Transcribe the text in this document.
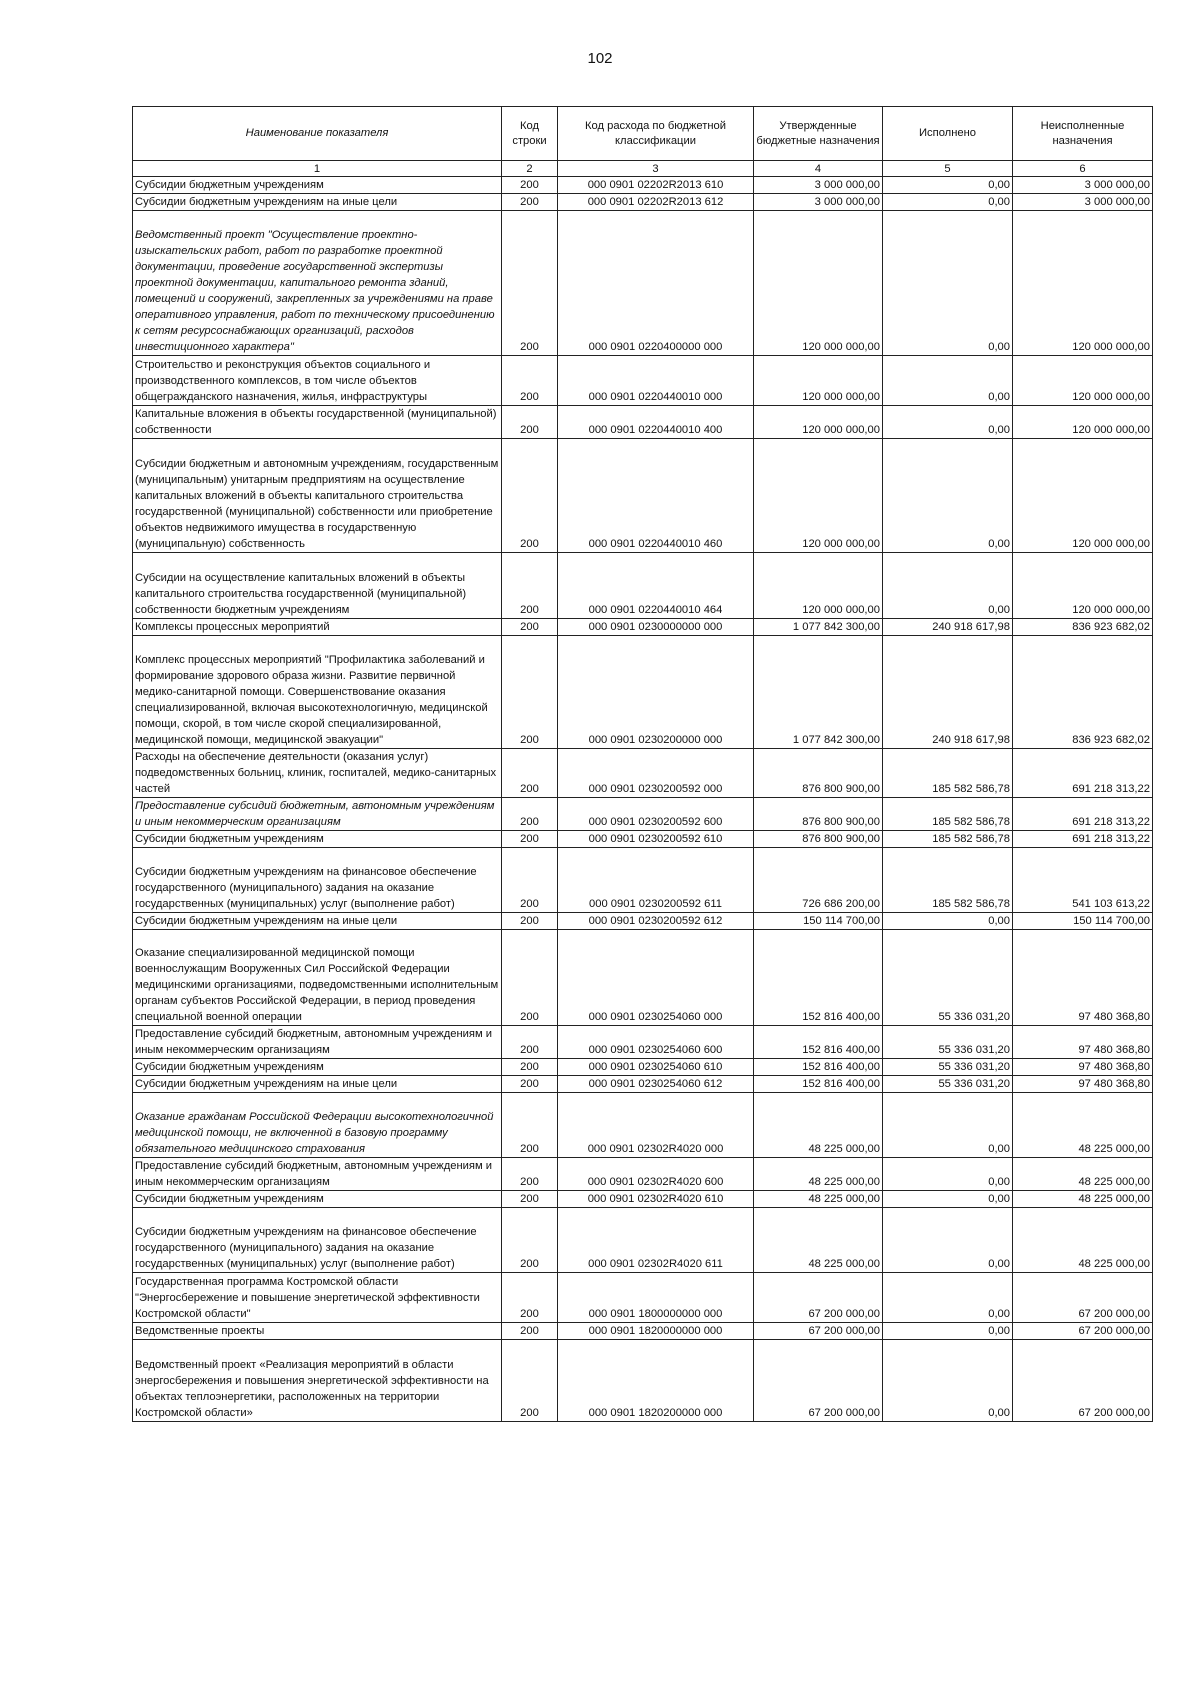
102
Наименование показателя	Код строки	Код расхода по бюджетной классификации	Утвержденные бюджетные назначения	Исполнено	Неисполненные назначения
1	2	3	4	5	6
Субсидии бюджетным учреждениям	200	000 0901 02202R2013 610	3 000 000,00	0,00	3 000 000,00
Субсидии бюджетным учреждениям на иные цели	200	000 0901 02202R2013 612	3 000 000,00	0,00	3 000 000,00
Ведомственный проект "Осуществление проектно-изыскательских работ, работ по разработке проектной документации, проведение государственной экспертизы проектной документации, капитального ремонта зданий, помещений и сооружений, закрепленных за учреждениями на праве оперативного управления, работ по техническому присоединению к сетям ресурсоснабжающих организаций, расходов инвестиционного характера"	200	000 0901 0220400000 000	120 000 000,00	0,00	120 000 000,00
Строительство и реконструкция объектов социального и производственного комплексов, в том числе объектов общегражданского назначения, жилья, инфраструктуры	200	000 0901 0220440010 000	120 000 000,00	0,00	120 000 000,00
Капитальные вложения в объекты государственной (муниципальной) собственности	200	000 0901 0220440010 400	120 000 000,00	0,00	120 000 000,00
Субсидии бюджетным и автономным учреждениям, государственным (муниципальным) унитарным предприятиям на осуществление капитальных вложений в объекты капитального строительства государственной (муниципальной) собственности или приобретение объектов недвижимого имущества в государственную (муниципальную) собственность	200	000 0901 0220440010 460	120 000 000,00	0,00	120 000 000,00
Субсидии на осуществление капитальных вложений в объекты капитального строительства государственной (муниципальной) собственности бюджетным учреждениям	200	000 0901 0220440010 464	120 000 000,00	0,00	120 000 000,00
Комплексы процессных мероприятий	200	000 0901 0230000000 000	1 077 842 300,00	240 918 617,98	836 923 682,02
Комплекс процессных мероприятий "Профилактика заболеваний и формирование здорового образа жизни. Развитие первичной медико-санитарной помощи. Совершенствование оказания специализированной, включая высокотехнологичную, медицинской помощи, скорой, в том числе скорой специализированной, медицинской помощи, медицинской эвакуации"	200	000 0901 0230200000 000	1 077 842 300,00	240 918 617,98	836 923 682,02
Расходы на обеспечение деятельности (оказания услуг) подведомственных больниц, клиник, госпиталей, медико-санитарных частей	200	000 0901 0230200592 000	876 800 900,00	185 582 586,78	691 218 313,22
Предоставление субсидий бюджетным, автономным учреждениям и иным некоммерческим организациям	200	000 0901 0230200592 600	876 800 900,00	185 582 586,78	691 218 313,22
Субсидии бюджетным учреждениям	200	000 0901 0230200592 610	876 800 900,00	185 582 586,78	691 218 313,22
Субсидии бюджетным учреждениям на финансовое обеспечение государственного (муниципального) задания на оказание государственных (муниципальных) услуг (выполнение работ)	200	000 0901 0230200592 611	726 686 200,00	185 582 586,78	541 103 613,22
Субсидии бюджетным учреждениям на иные цели	200	000 0901 0230200592 612	150 114 700,00	0,00	150 114 700,00
Оказание специализированной медицинской помощи военнослужащим Вооруженных Сил Российской Федерации медицинскими организациями, подведомственными исполнительным органам субъектов Российской Федерации, в период проведения специальной военной операции	200	000 0901 0230254060 000	152 816 400,00	55 336 031,20	97 480 368,80
Предоставление субсидий бюджетным, автономным учреждениям и иным некоммерческим организациям	200	000 0901 0230254060 600	152 816 400,00	55 336 031,20	97 480 368,80
Субсидии бюджетным учреждениям	200	000 0901 0230254060 610	152 816 400,00	55 336 031,20	97 480 368,80
Субсидии бюджетным учреждениям на иные цели	200	000 0901 0230254060 612	152 816 400,00	55 336 031,20	97 480 368,80
Оказание гражданам Российской Федерации высокотехнологичной медицинской помощи, не включенной в базовую программу обязательного медицинского страхования	200	000 0901 02302R4020 000	48 225 000,00	0,00	48 225 000,00
Предоставление субсидий бюджетным, автономным учреждениям и иным некоммерческим организациям	200	000 0901 02302R4020 600	48 225 000,00	0,00	48 225 000,00
Субсидии бюджетным учреждениям	200	000 0901 02302R4020 610	48 225 000,00	0,00	48 225 000,00
Субсидии бюджетным учреждениям на финансовое обеспечение государственного (муниципального) задания на оказание государственных (муниципальных) услуг (выполнение работ)	200	000 0901 02302R4020 611	48 225 000,00	0,00	48 225 000,00
Государственная программа Костромской области "Энергосбережение и повышение энергетической эффективности Костромской области"	200	000 0901 1800000000 000	67 200 000,00	0,00	67 200 000,00
Ведомственные проекты	200	000 0901 1820000000 000	67 200 000,00	0,00	67 200 000,00
Ведомственный проект «Реализация мероприятий в области энергосбережения и повышения энергетической эффективности на объектах теплоэнергетики, расположенных на территории Костромской области»	200	000 0901 1820200000 000	67 200 000,00	0,00	67 200 000,00
